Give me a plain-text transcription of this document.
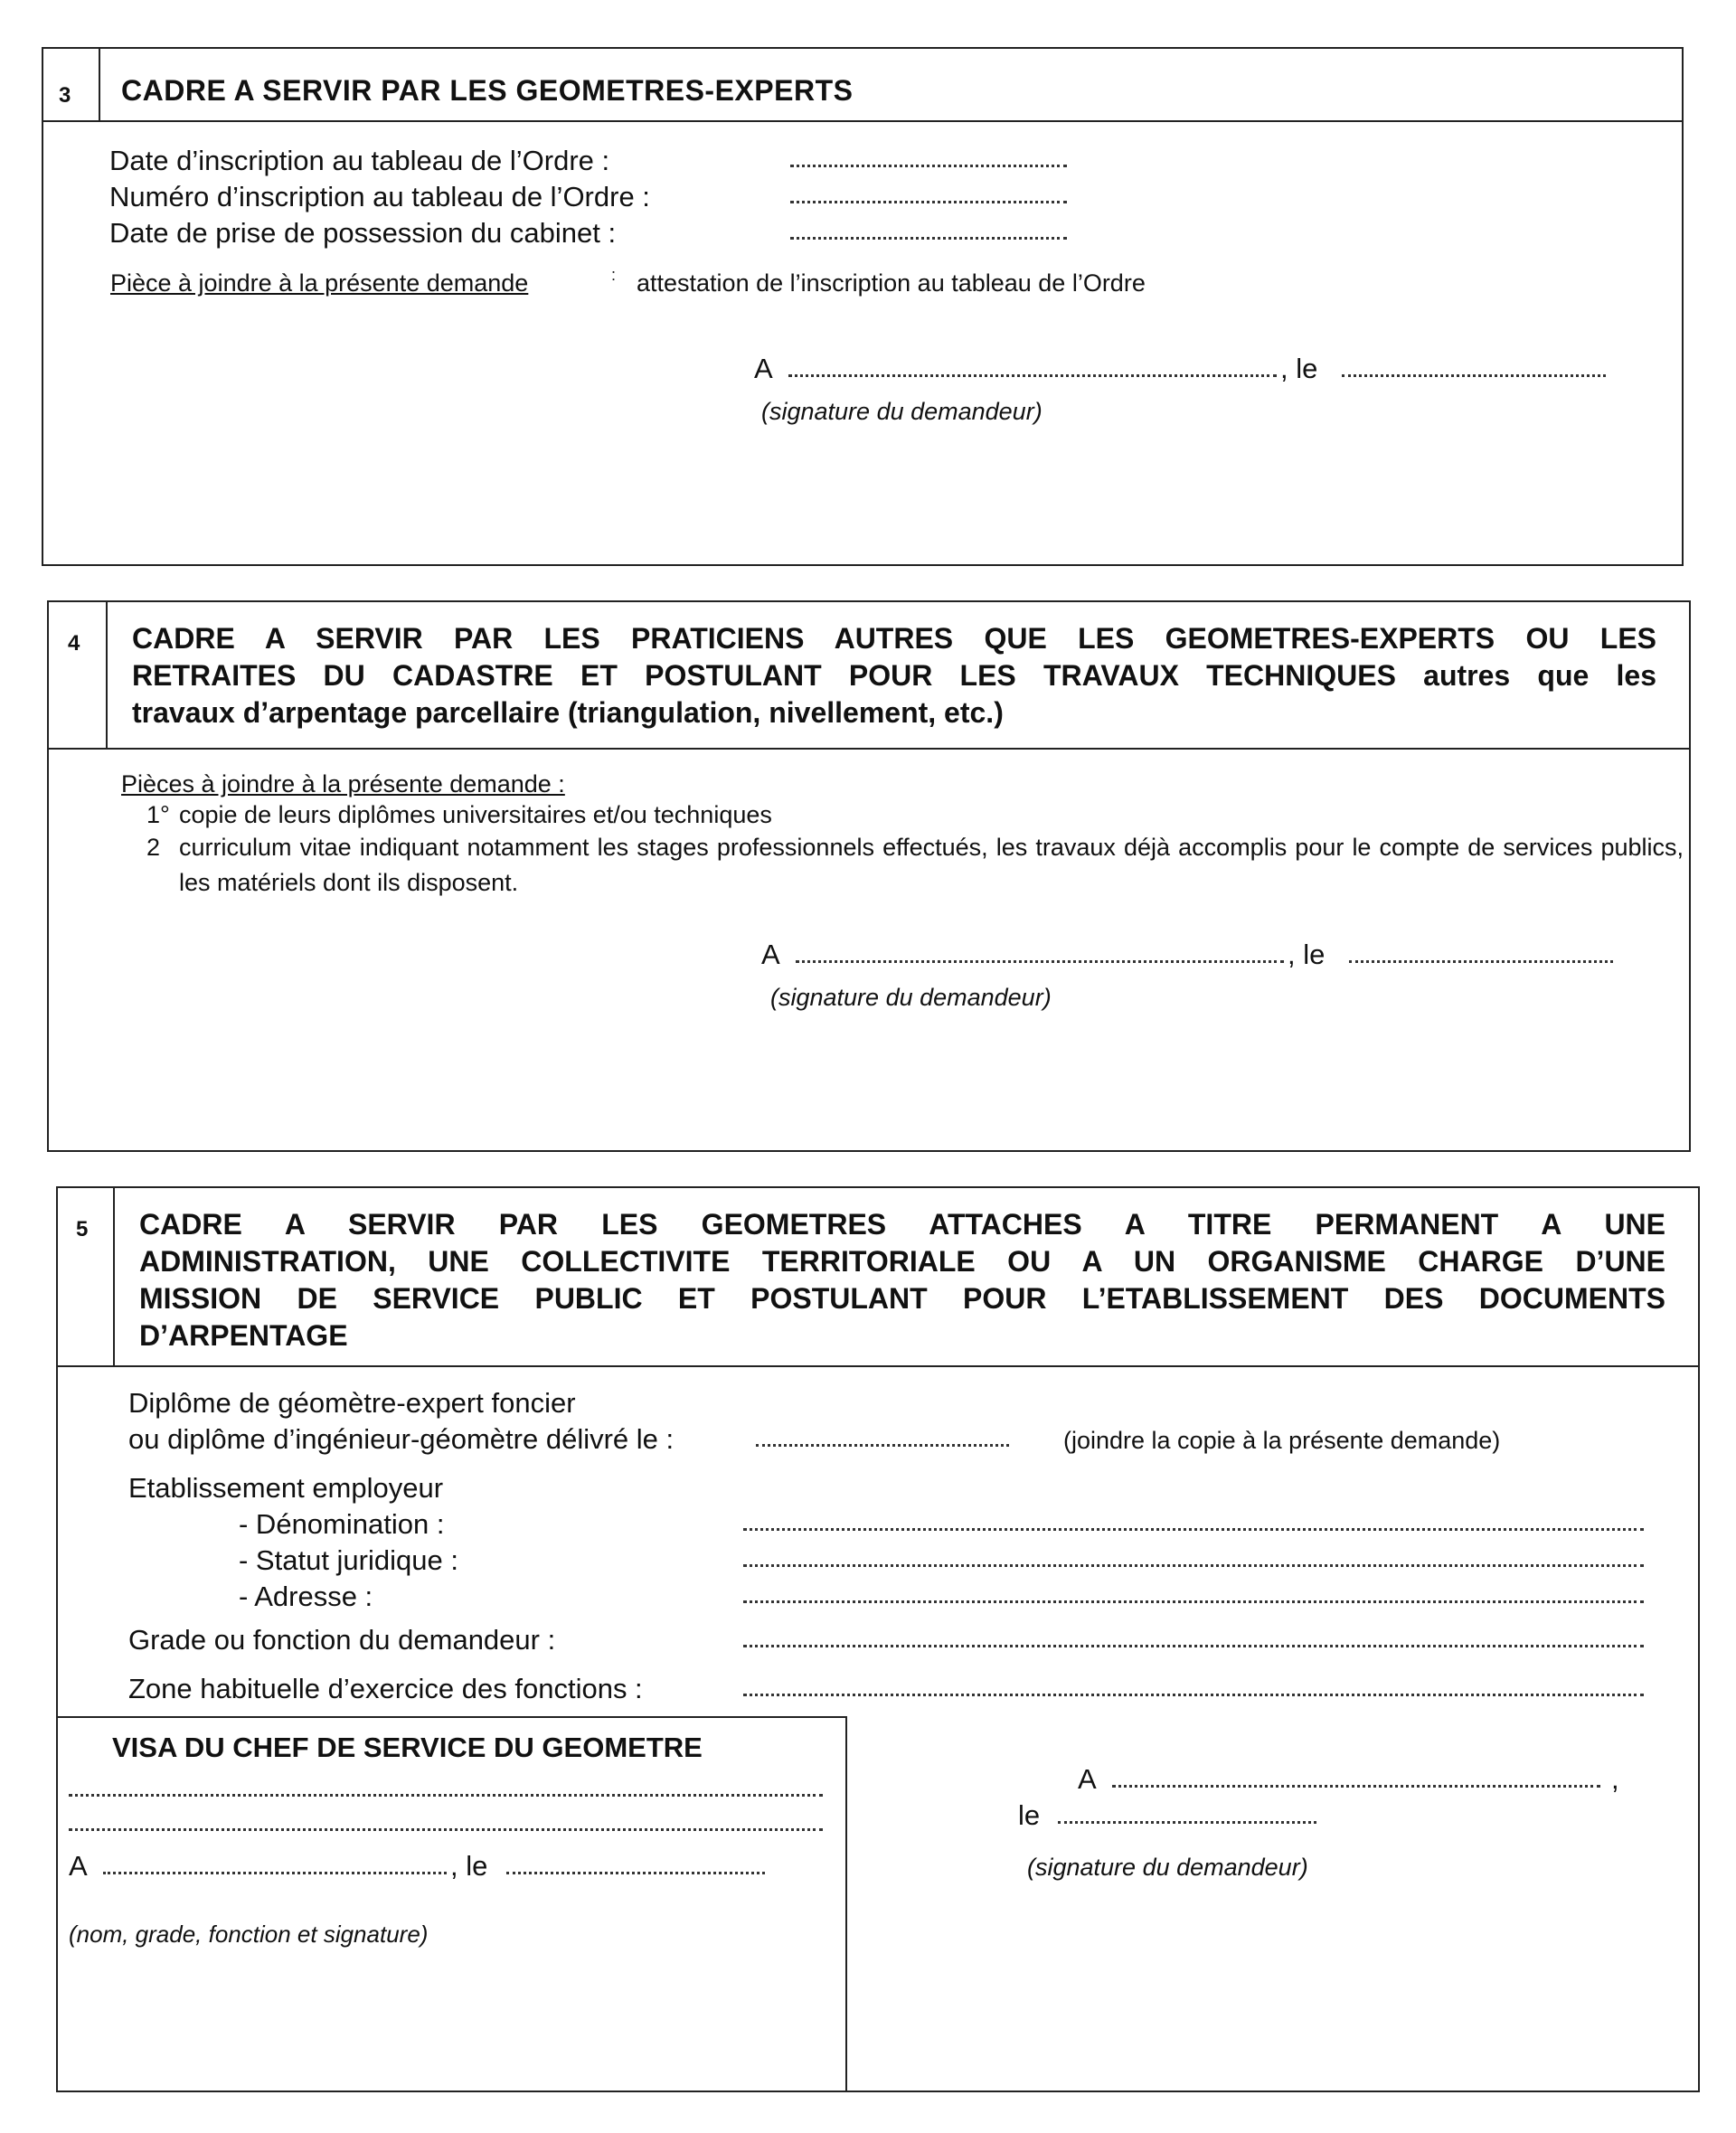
3 CADRE A SERVIR PAR LES GEOMETRES-EXPERTS
Date d’inscription au tableau de l’Ordre :
Numéro d’inscription au tableau de l’Ordre :
Date de prise de possession du cabinet :
Pièce à joindre à la présente demande	: attestation de l’inscription au tableau de l’Ordre
A	, le
(signature du demandeur)
4 CADRE A SERVIR PAR LES PRATICIENS AUTRES QUE LES GEOMETRES-EXPERTS OU LES
RETRAITES DU CADASTRE ET POSTULANT POUR LES TRAVAUX TECHNIQUES autres que les
travaux d’arpentage parcellaire (triangulation, nivellement, etc.)
Pièces à joindre à la présente demande :
1° copie de leurs diplômes universitaires et/ou techniques
2 curriculum vitae indiquant notamment les stages professionnels effectués, les travaux déjà accomplis pour le compte de services publics, les matériels dont ils disposent.
A	, le
(signature du demandeur)
5 CADRE A SERVIR PAR LES GEOMETRES ATTACHES A TITRE PERMANENT A UNE
ADMINISTRATION, UNE COLLECTIVITE TERRITORIALE OU A UN ORGANISME CHARGE D’UNE
MISSION DE SERVICE PUBLIC ET POSTULANT POUR L’ETABLISSEMENT DES DOCUMENTS
D’ARPENTAGE
Diplôme de géomètre-expert foncier
ou diplôme d’ingénieur-géomètre délivré le :	(joindre la copie à la présente demande)
Etablissement employeur
- Dénomination :
- Statut juridique :
- Adresse :
Grade ou fonction du demandeur :
Zone habituelle d’exercice des fonctions :
VISA DU CHEF DE SERVICE DU GEOMETRE
A	, le
(nom, grade, fonction et signature)
A	,
le
(signature du demandeur)
